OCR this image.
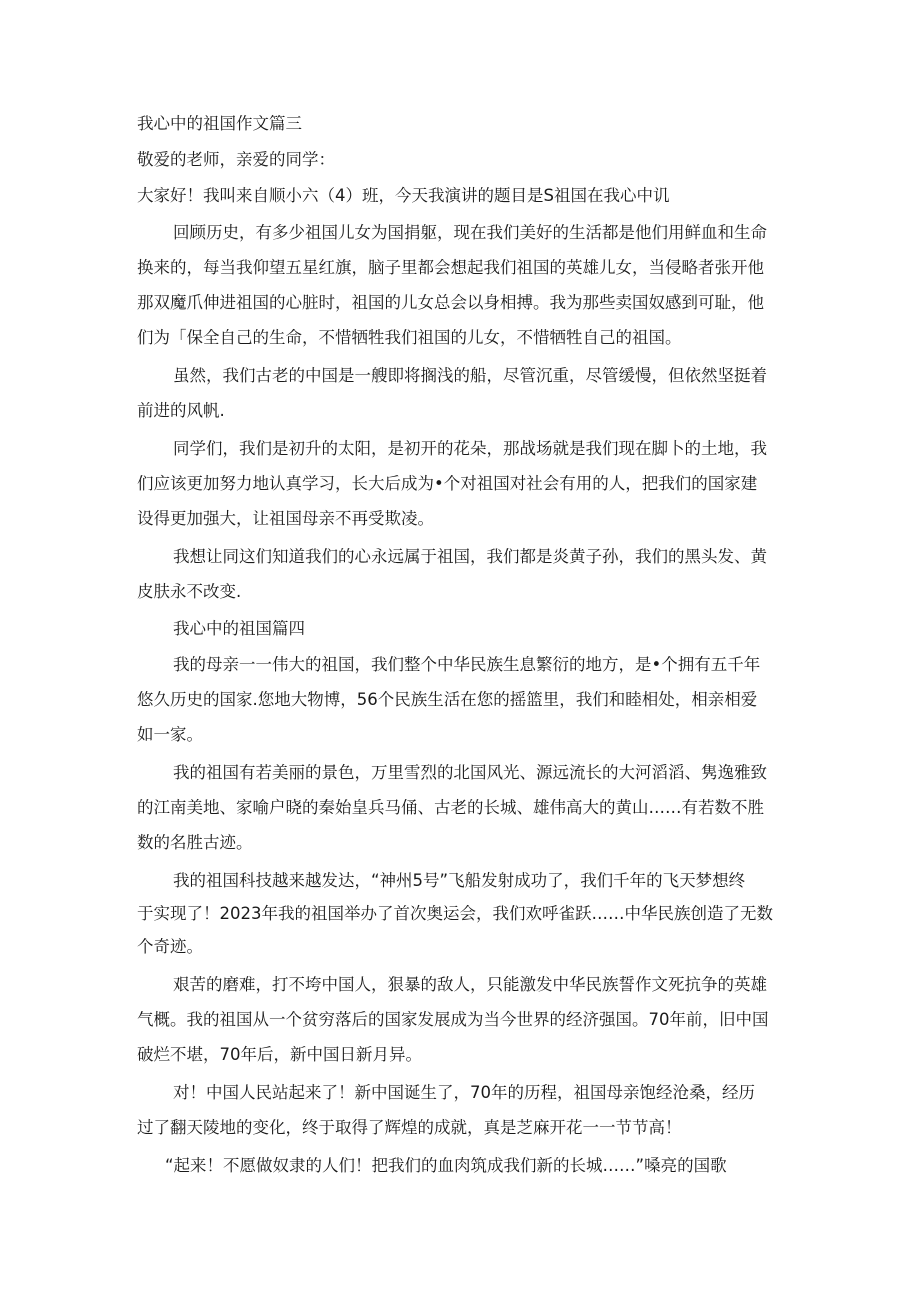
我心中的祖国作文篇三
敬爱的老师，亲爱的同学：
大家好！我叫来自顺小六（4）班，今天我演讲的题目是S祖国在我心中讥
回顾历史，有多少祖国儿女为国捐躯，现在我们美好的生活都是他们用鲜血和生命
换来的，每当我仰望五星红旗，脑子里都会想起我们祖国的英雄儿女，当侵略者张开他
那双魔爪伸进祖国的心脏时，祖国的儿女总会以身相搏。我为那些卖国奴感到可耻，他
们为「保全自己的生命，不惜牺牲我们祖国的儿女，不惜牺牲自己的祖国。
虽然，我们古老的中国是一艘即将搁浅的船，尽管沉重，尽管缓慢，但依然坚挺着
前进的风帆.
同学们，我们是初升的太阳，是初开的花朵，那战场就是我们现在脚卜的土地，我
们应该更加努力地认真学习，长大后成为•个对祖国对社会有用的人，把我们的国家建
设得更加强大，让祖国母亲不再受欺凌。
我想让同这们知道我们的心永远属于祖国，我们都是炎黄子孙，我们的黑头发、黄
皮肤永不改变.
我心中的祖国篇四
我的母亲一一伟大的祖国，我们整个中华民族生息繁衍的地方，是•个拥有五千年
悠久历史的国家.您地大物博，56个民族生活在您的摇篮里，我们和睦相处，相亲相爱
如一家。
我的祖国有若美丽的景色，万里雪烈的北国风光、源远流长的大河滔滔、隽逸雅致
的江南美地、家喻户晓的秦始皇兵马俑、古老的长城、雄伟高大的黄山……有若数不胜
数的名胜古迹。
我的祖国科技越来越发达，“神州5号”飞船发射成功了，我们千年的飞天梦想终
于实现了！2023年我的祖国举办了首次奥运会，我们欢呼雀跃……中华民族创造了无数
个奇迹。
艰苦的磨难，打不垮中国人，狠暴的敌人，只能激发中华民族誓作文死抗争的英雄
气概。我的祖国从一个贫穷落后的国家发展成为当今世界的经济强国。70年前，旧中国
破烂不堪，70年后，新中国日新月异。
对！中国人民站起来了！新中国诞生了，70年的历程，祖国母亲饱经沧桑，经历
过了翻天陵地的变化，终于取得了辉煌的成就，真是芝麻开花一一节节高！
“起来！不愿做奴隶的人们！把我们的血肉筑成我们新的长城……”嗓亮的国歌
